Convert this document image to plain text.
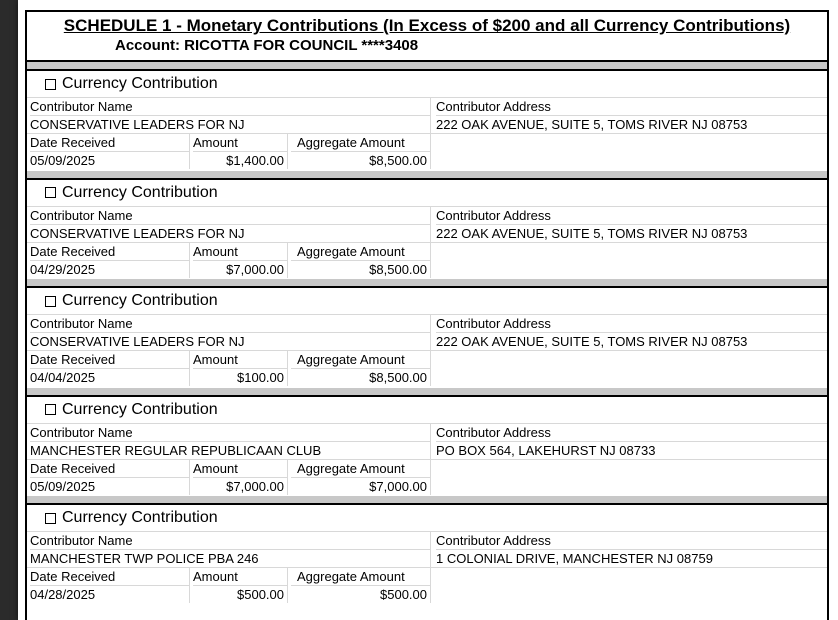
SCHEDULE 1 - Monetary Contributions (In Excess of $200 and all Currency Contributions)
Account: RICOTTA FOR COUNCIL ****3408
Currency Contribution
Contributor Name
CONSERVATIVE LEADERS FOR NJ
Contributor Address
222 OAK AVENUE, SUITE 5, TOMS RIVER NJ 08753
Date Received
05/09/2025
Amount
$1,400.00
Aggregate Amount
$8,500.00
Currency Contribution
Contributor Name
CONSERVATIVE LEADERS FOR NJ
Contributor Address
222 OAK AVENUE, SUITE 5, TOMS RIVER NJ 08753
Date Received
04/29/2025
Amount
$7,000.00
Aggregate Amount
$8,500.00
Currency Contribution
Contributor Name
CONSERVATIVE LEADERS FOR NJ
Contributor Address
222 OAK AVENUE, SUITE 5, TOMS RIVER NJ 08753
Date Received
04/04/2025
Amount
$100.00
Aggregate Amount
$8,500.00
Currency Contribution
Contributor Name
MANCHESTER REGULAR REPUBLICAAN CLUB
Contributor Address
PO BOX 564, LAKEHURST NJ 08733
Date Received
05/09/2025
Amount
$7,000.00
Aggregate Amount
$7,000.00
Currency Contribution
Contributor Name
MANCHESTER TWP POLICE PBA 246
Contributor Address
1 COLONIAL DRIVE, MANCHESTER NJ 08759
Date Received
04/28/2025
Amount
$500.00
Aggregate Amount
$500.00
